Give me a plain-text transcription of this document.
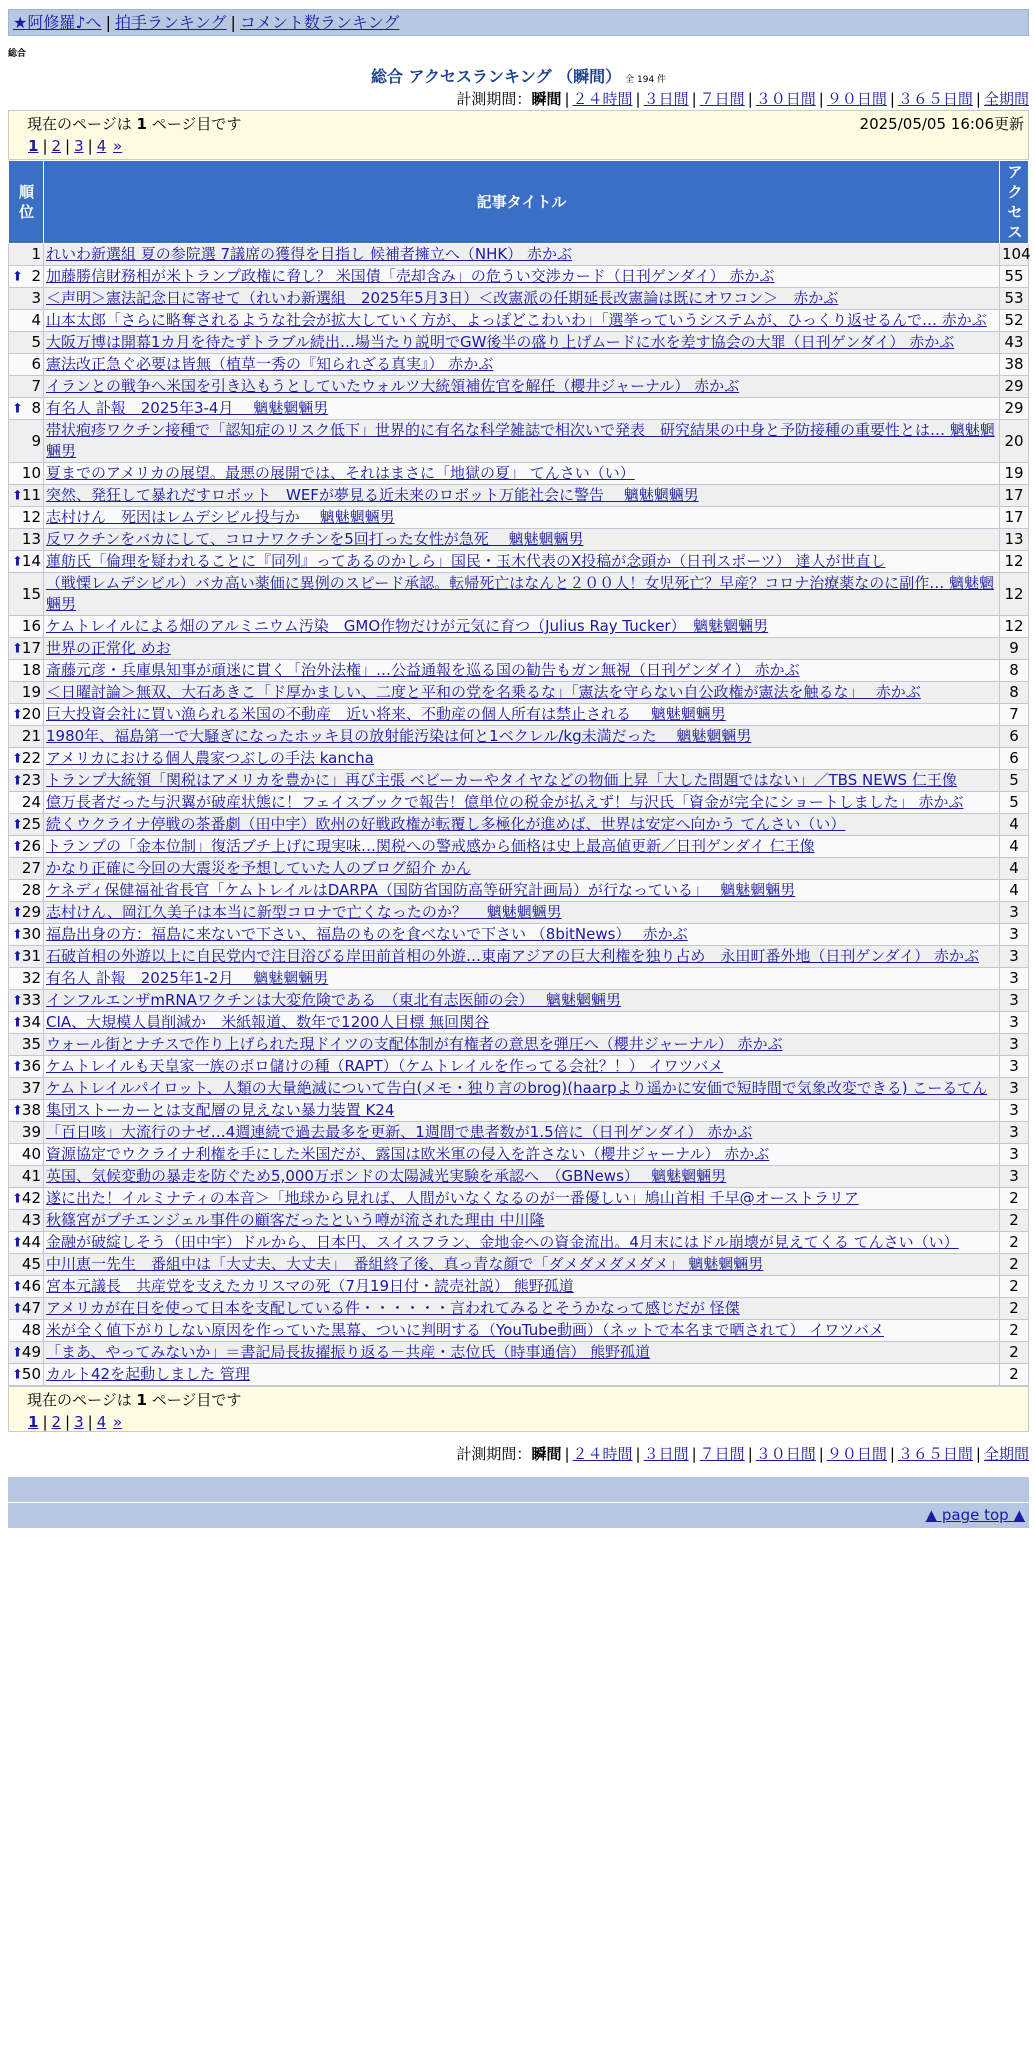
★阿修羅♪へ | 拍手ランキング | コメント数ランキング
総合
総合 アクセスランキング （瞬間） 全 194 件
計測期間：瞬間 | ２４時間 | ３日間 | ７日間 | ３０日間 | ９０日間 | ３６５日間 | 全期間
現在のページは 1 ページ目です	2025/05/05 16:06更新
1 | 2 | 3 | 4 »
順位	記事タイトル	アクセス

1	れいわ新選組 夏の参院選 7議席の獲得を目指し 候補者擁立へ（NHK） 赤かぶ	104

⬆ 2	加藤勝信財務相が米トランプ政権に脅し？ 米国債「売却含み」の危うい交渉カード（日刊ゲンダイ） 赤かぶ	55
3	＜声明＞憲法記念日に寄せて（れいわ新選組　2025年5月3日）＜改憲派の任期延長改憲論は既にオワコン＞　赤かぶ	53
4	山本太郎「さらに略奪されるような社会が拡大していく方が、よっぽどこわいわ」「選挙っていうシステムが、ひっくり返せるんで… 赤かぶ	52
5	大阪万博は開幕1カ月を待たずトラブル続出…場当たり説明でGW後半の盛り上げムードに水を差す協会の大罪（日刊ゲンダイ） 赤かぶ	43
6	憲法改正急ぐ必要は皆無（植草一秀の『知られざる真実』） 赤かぶ	38
7	イランとの戦争へ米国を引き込もうとしていたウォルツ大統領補佐官を解任（櫻井ジャーナル） 赤かぶ	29

⬆ 8	有名人 訃報　2025年3-4月　 魑魅魍魎男	29
9	帯状疱疹ワクチン接種で「認知症のリスク低下」世界的に有名な科学雑誌で相次いで発表　研究結果の中身と予防接種の重要性とは… 魑魅魍魎男	20
10	夏までのアメリカの展望。最悪の展開では、それはまさに「地獄の夏」 てんさい（い）	19

⬆ 11	突然、発狂して暴れだすロボット　WEFが夢見る近未来のロボット万能社会に警告　 魑魅魍魎男	17
12	志村けん　死因はレムデシビル投与か　 魑魅魍魎男	17
13	反ワクチンをバカにして、コロナワクチンを5回打った女性が急死　 魑魅魍魎男	13

⬆ 14	蓮舫氏「倫理を疑われることに『同列』ってあるのかしら」国民・玉木代表のX投稿が念頭か（日刊スポーツ） 達人が世直し	12
15	（戦慄レムデシビル）バカ高い薬価に異例のスピード承認。転帰死亡はなんと２００人！女児死亡？早産？コロナ治療薬なのに副作… 魑魅魍魎男	12
16	ケムトレイルによる畑のアルミニウム汚染　GMO作物だけが元気に育つ（Julius Ray Tucker）　魑魅魍魎男	12

⬆ 17	世界の正常化 めお	9
18	斎藤元彦・兵庫県知事が頑迷に貫く「治外法権」…公益通報を巡る国の勧告もガン無視（日刊ゲンダイ） 赤かぶ	8
19	＜日曜討論＞無双、大石あきこ「ド厚かましい、二度と平和の党を名乗るな」「憲法を守らない自公政権が憲法を触るな」　 赤かぶ	8

⬆ 20	巨大投資会社に買い漁られる米国の不動産　近い将来、不動産の個人所有は禁止される　 魑魅魍魎男	7
21	1980年、福島第一で大騒ぎになったホッキ貝の放射能汚染は何と1ベクレル/kg未満だった　 魑魅魍魎男	6

⬆ 22	アメリカにおける個人農家つぶしの手法 kancha	6

⬆ 23	トランプ大統領「関税はアメリカを豊かに」再び主張 ベビーカーやタイヤなどの物価上昇「大した問題ではない」／TBS NEWS 仁王像	5
24	億万長者だった与沢翼が破産状態に！フェイスブックで報告！億単位の税金が払えず！与沢氏「資金が完全にショートしました」 赤かぶ	5

⬆ 25	続くウクライナ停戦の茶番劇（田中宇）欧州の好戦政権が転覆し多極化が進めば、世界は安定へ向かう てんさい（い）	4

⬆ 26	トランプの「金本位制」復活ブチ上げに現実味…関税への警戒感から価格は史上最高値更新／日刊ゲンダイ 仁王像	4
27	かなり正確に今回の大震災を予想していた人のブログ紹介 かん	4
28	ケネディ保健福祉省長官「ケムトレイルはDARPA（国防省国防高等研究計画局）が行なっている」　 魑魅魍魎男	4

⬆ 29	志村けん、岡江久美子は本当に新型コロナで亡くなったのか？　 魑魅魍魎男	3

⬆ 30	福島出身の方：福島に来ないで下さい、福島のものを食べないで下さい （8bitNews）　 赤かぶ	3

⬆ 31	石破首相の外遊以上に自民党内で注目浴びる岸田前首相の外遊…東南アジアの巨大利権を独り占め　永田町番外地（日刊ゲンダイ） 赤かぶ	3
32	有名人 訃報　2025年1-2月　 魑魅魍魎男	3

⬆ 33	インフルエンザmRNAワクチンは大変危険である　（東北有志医師の会）　 魑魅魍魎男	3

⬆ 34	CIA、大規模人員削減か　米紙報道、数年で1200人目標 無回関谷	3
35	ウォール街とナチスで作り上げられた現ドイツの支配体制が有権者の意思を弾圧へ（櫻井ジャーナル） 赤かぶ	3

⬆ 36	ケムトレイルも天皇家一族のボロ儲けの種（RAPT）（ケムトレイルを作ってる会社？！） イワツバメ	3
37	ケムトレイルパイロット、人類の大量絶滅について告白(メモ・独り言のbrog)(haarpより遥かに安価で短時間で気象改変できる) こーるてん	3

⬆ 38	集団ストーカーとは支配層の見えない暴力装置 K24	3
39	「百日咳」大流行のナゼ…4週連続で過去最多を更新、1週間で患者数が1.5倍に（日刊ゲンダイ） 赤かぶ	3
40	資源協定でウクライナ利権を手にした米国だが、露国は欧米軍の侵入を許さない（櫻井ジャーナル） 赤かぶ	3
41	英国、気候変動の暴走を防ぐため5,000万ポンドの太陽減光実験を承認へ　（GBNews）　 魑魅魍魎男	3

⬆ 42	遂に出た！イルミナティの本音＞「地球から見れば、人間がいなくなるのが一番優しい」鳩山首相 千早@オーストラリア	2
43	秋篠宮がプチエンジェル事件の顧客だったという噂が流された理由 中川隆	2

⬆ 44	金融が破綻しそう（田中宇）ドルから、日本円、スイスフラン、金地金への資金流出。4月末にはドル崩壊が見えてくる てんさい（い）	2
45	中川恵一先生　番組中は「大丈夫、大丈夫」　番組終了後、真っ青な顔で「ダメダメダメダメ」 魑魅魍魎男	2

⬆ 46	宮本元議長　共産党を支えたカリスマの死（7月19日付・読売社説） 熊野孤道	2

⬆ 47	アメリカが在日を使って日本を支配している件・・・・・・言われてみるとそうかなって感じだが 怪傑	2
48	米が全く値下がりしない原因を作っていた黒幕、ついに判明する（YouTube動画）（ネットで本名まで晒されて） イワツバメ	2

⬆ 49	「まあ、やってみないか」＝書記局長抜擢振り返る－共産・志位氏（時事通信） 熊野孤道	2

⬆ 50	カルト42を起動しました 管理	2
現在のページは 1 ページ目です
1 | 2 | 3 | 4 »
計測期間：瞬間 | ２４時間 | ３日間 | ７日間 | ３０日間 | ９０日間 | ３６５日間 | 全期間
▲ page top ▲
